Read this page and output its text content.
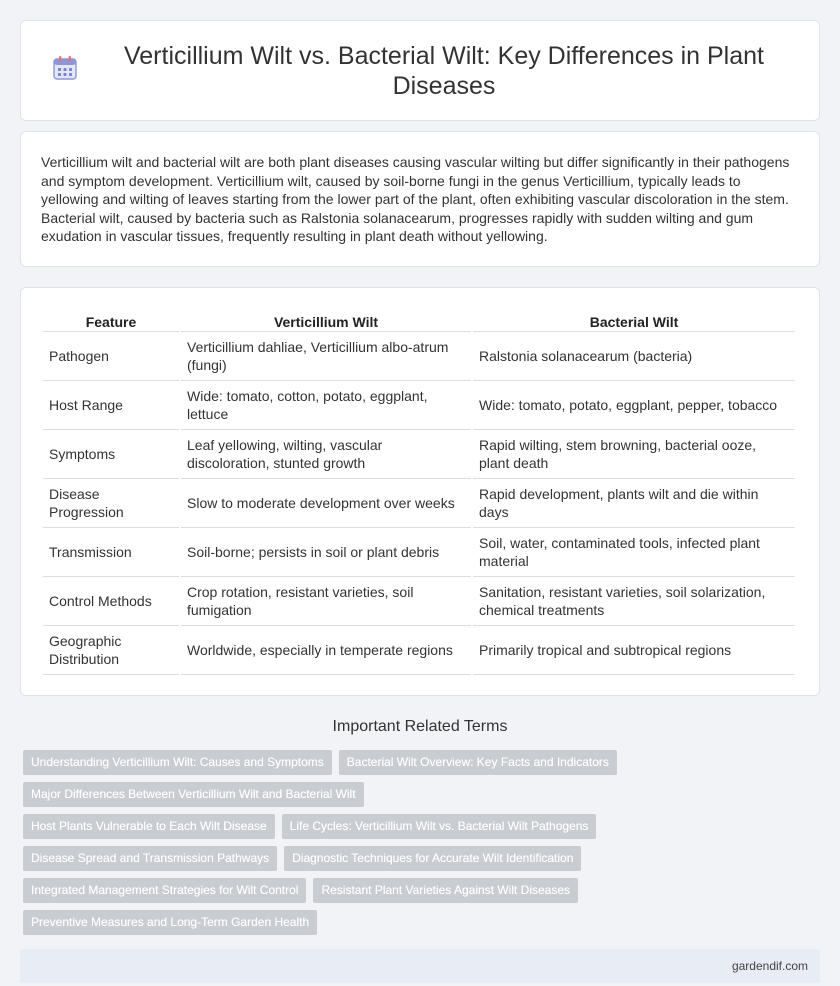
Verticillium Wilt vs. Bacterial Wilt: Key Differences in Plant Diseases

Verticillium wilt and bacterial wilt are both plant diseases causing vascular wilting but differ significantly in their pathogens and symptom development. Verticillium wilt, caused by soil-borne fungi in the genus Verticillium, typically leads to yellowing and wilting of leaves starting from the lower part of the plant, often exhibiting vascular discoloration in the stem. Bacterial wilt, caused by bacteria such as Ralstonia solanacearum, progresses rapidly with sudden wilting and gum exudation in vascular tissues, frequently resulting in plant death without yellowing.

Feature	Verticillium Wilt	Bacterial Wilt
Pathogen	Verticillium dahliae, Verticillium albo-atrum (fungi)	Ralstonia solanacearum (bacteria)
Host Range	Wide: tomato, cotton, potato, eggplant, lettuce	Wide: tomato, potato, eggplant, pepper, tobacco
Symptoms	Leaf yellowing, wilting, vascular discoloration, stunted growth	Rapid wilting, stem browning, bacterial ooze, plant death
Disease Progression	Slow to moderate development over weeks	Rapid development, plants wilt and die within days
Transmission	Soil-borne; persists in soil or plant debris	Soil, water, contaminated tools, infected plant material
Control Methods	Crop rotation, resistant varieties, soil fumigation	Sanitation, resistant varieties, soil solarization, chemical treatments
Geographic Distribution	Worldwide, especially in temperate regions	Primarily tropical and subtropical regions
Important Related Terms
Understanding Verticillium Wilt: Causes and Symptoms	Bacterial Wilt Overview: Key Facts and Indicators
Major Differences Between Verticillium Wilt and Bacterial Wilt
Host Plants Vulnerable to Each Wilt Disease	Life Cycles: Verticillium Wilt vs. Bacterial Wilt Pathogens
Disease Spread and Transmission Pathways	Diagnostic Techniques for Accurate Wilt Identification
Integrated Management Strategies for Wilt Control	Resistant Plant Varieties Against Wilt Diseases
Preventive Measures and Long-Term Garden Health
gardendif.com
